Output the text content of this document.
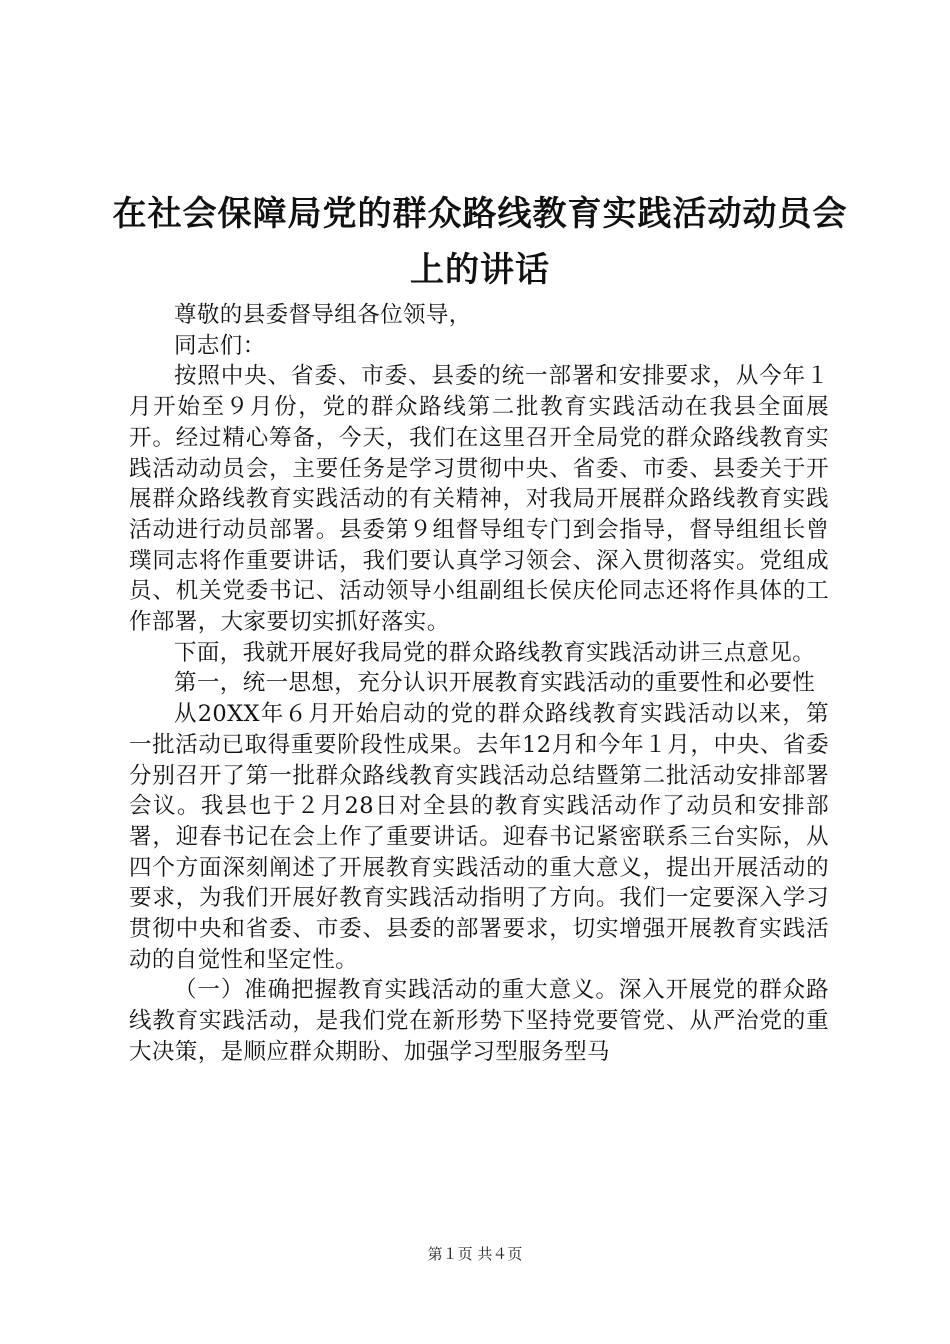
在社会保障局党的群众路线教育实践活动动员会上的讲话

尊敬的县委督导组各位领导，

同志们：

按照中央、省委、市委、县委的统一部署和安排要求，从今年１月开始至９月份，党的群众路线第二批教育实践活动在我县全面展开。经过精心筹备，今天，我们在这里召开全局党的群众路线教育实践活动动员会，主要任务是学习贯彻中央、省委、市委、县委关于开展群众路线教育实践活动的有关精神，对我局开展群众路线教育实践活动进行动员部署。县委第９组督导组专门到会指导，督导组组长曾璞同志将作重要讲话，我们要认真学习领会、深入贯彻落实。党组成员、机关党委书记、活动领导小组副组长侯庆伦同志还将作具体的工作部署，大家要切实抓好落实。

下面，我就开展好我局党的群众路线教育实践活动讲三点意见。

第一，统一思想，充分认识开展教育实践活动的重要性和必要性

从20XX年６月开始启动的党的群众路线教育实践活动以来，第一批活动已取得重要阶段性成果。去年12月和今年１月，中央、省委分别召开了第一批群众路线教育实践活动总结暨第二批活动安排部署会议。我县也于２月28日对全县的教育实践活动作了动员和安排部署，迎春书记在会上作了重要讲话。迎春书记紧密联系三台实际，从四个方面深刻阐述了开展教育实践活动的重大意义，提出开展活动的要求，为我们开展好教育实践活动指明了方向。我们一定要深入学习贯彻中央和省委、市委、县委的部署要求，切实增强开展教育实践活动的自觉性和坚定性。

（一）准确把握教育实践活动的重大意义。深入开展党的群众路线教育实践活动，是我们党在新形势下坚持党要管党、从严治党的重大决策，是顺应群众期盼、加强学习型服务型马

第１页 共４页
